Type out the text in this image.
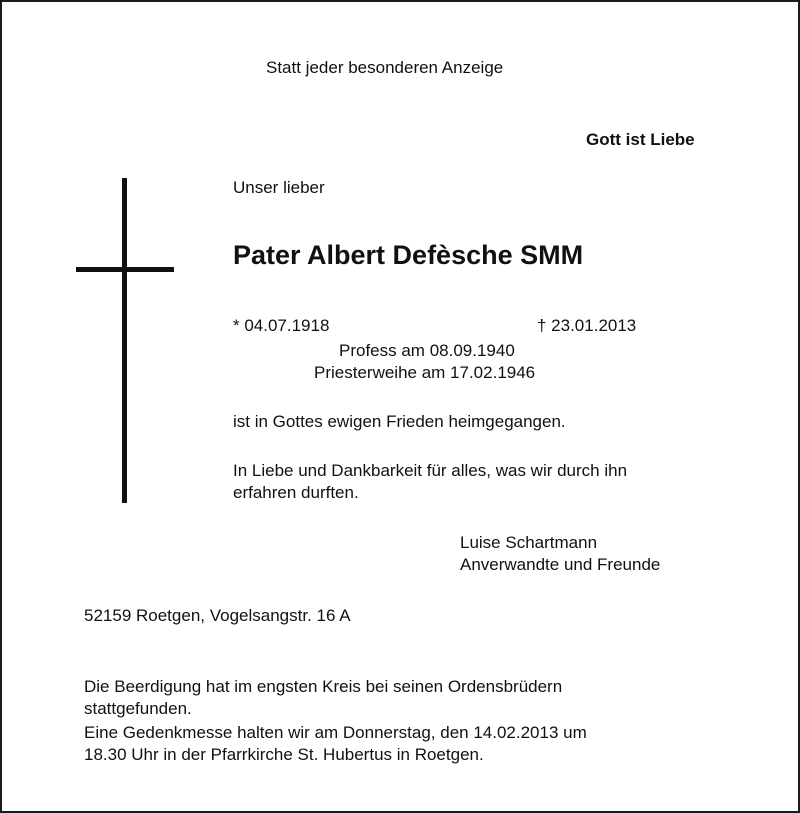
Statt jeder besonderen Anzeige
Gott ist Liebe
Unser lieber
Pater Albert Defèsche SMM
* 04.07.1918	† 23.01.2013
Profess am 08.09.1940
Priesterweihe am 17.02.1946
ist in Gottes ewigen Frieden heimgegangen.
In Liebe und Dankbarkeit für alles, was wir durch ihn
erfahren durften.
Luise Schartmann
Anverwandte und Freunde
52159 Roetgen, Vogelsangstr. 16 A
Die Beerdigung hat im engsten Kreis bei seinen Ordensbrüdern
stattgefunden.
Eine Gedenkmesse halten wir am Donnerstag, den 14.02.2013 um
18.30 Uhr in der Pfarrkirche St. Hubertus in Roetgen.
